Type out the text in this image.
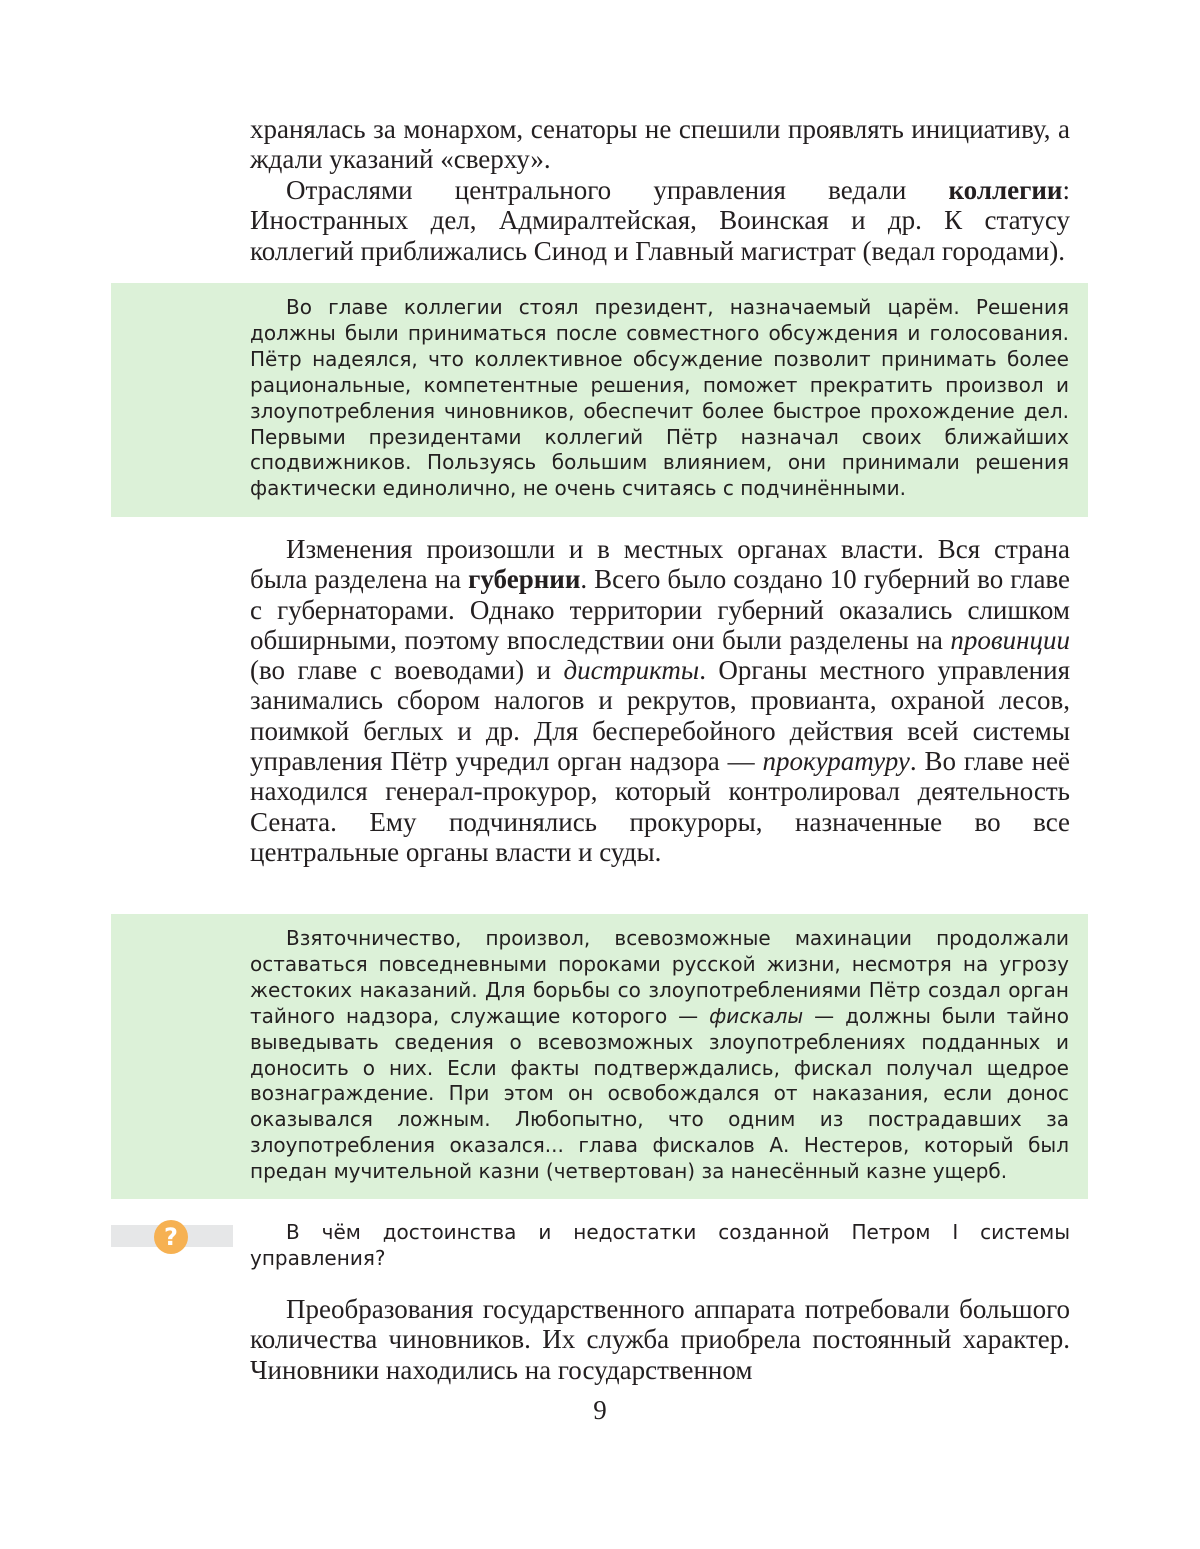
хранялась за монархом, сенаторы не спешили проявлять инициативу, а ждали указаний «сверху».

Отраслями центрального управления ведали коллегии: Иностранных дел, Адмиралтейская, Воинская и др. К статусу коллегий приближались Синод и Главный магистрат (ведал городами).

Во главе коллегии стоял президент, назначаемый царём. Решения должны были приниматься после совместного обсуждения и голосования. Пётр надеялся, что коллективное обсуждение позволит принимать более рациональные, компетентные решения, поможет прекратить произвол и злоупотребления чиновников, обеспечит более быстрое прохождение дел. Первыми президентами коллегий Пётр назначал своих ближайших сподвижников. Пользуясь большим влиянием, они принимали решения фактически единолично, не очень считаясь с подчинёнными.

Изменения произошли и в местных органах власти. Вся страна была разделена на губернии. Всего было создано 10 губерний во главе с губернаторами. Однако территории губерний оказались слишком обширными, поэтому впоследствии они были разделены на провинции (во главе с воеводами) и дистрикты. Органы местного управления занимались сбором налогов и рекрутов, провианта, охраной лесов, поимкой беглых и др. Для бесперебойного действия всей системы управления Пётр учредил орган надзора — прокуратуру. Во главе неё находился генерал-прокурор, который контролировал деятельность Сената. Ему подчинялись прокуроры, назначенные во все центральные органы власти и суды.

Взяточничество, произвол, всевозможные махинации продолжали оставаться повседневными пороками русской жизни, несмотря на угрозу жестоких наказаний. Для борьбы со злоупотреблениями Пётр создал орган тайного надзора, служащие которого — фискалы — должны были тайно выведывать сведения о всевозможных злоупотреблениях подданных и доносить о них. Если факты подтверждались, фискал получал щедрое вознаграждение. При этом он освобождался от наказания, если донос оказывался ложным. Любопытно, что одним из пострадавших за злоупотребления оказался... глава фискалов А. Нестеров, который был предан мучительной казни (четвертован) за нанесённый казне ущерб.

?	В чём достоинства и недостатки созданной Петром I системы управления?

Преобразования государственного аппарата потребовали большого количества чиновников. Их служба приобрела постоянный характер. Чиновники находились на государственном

9
